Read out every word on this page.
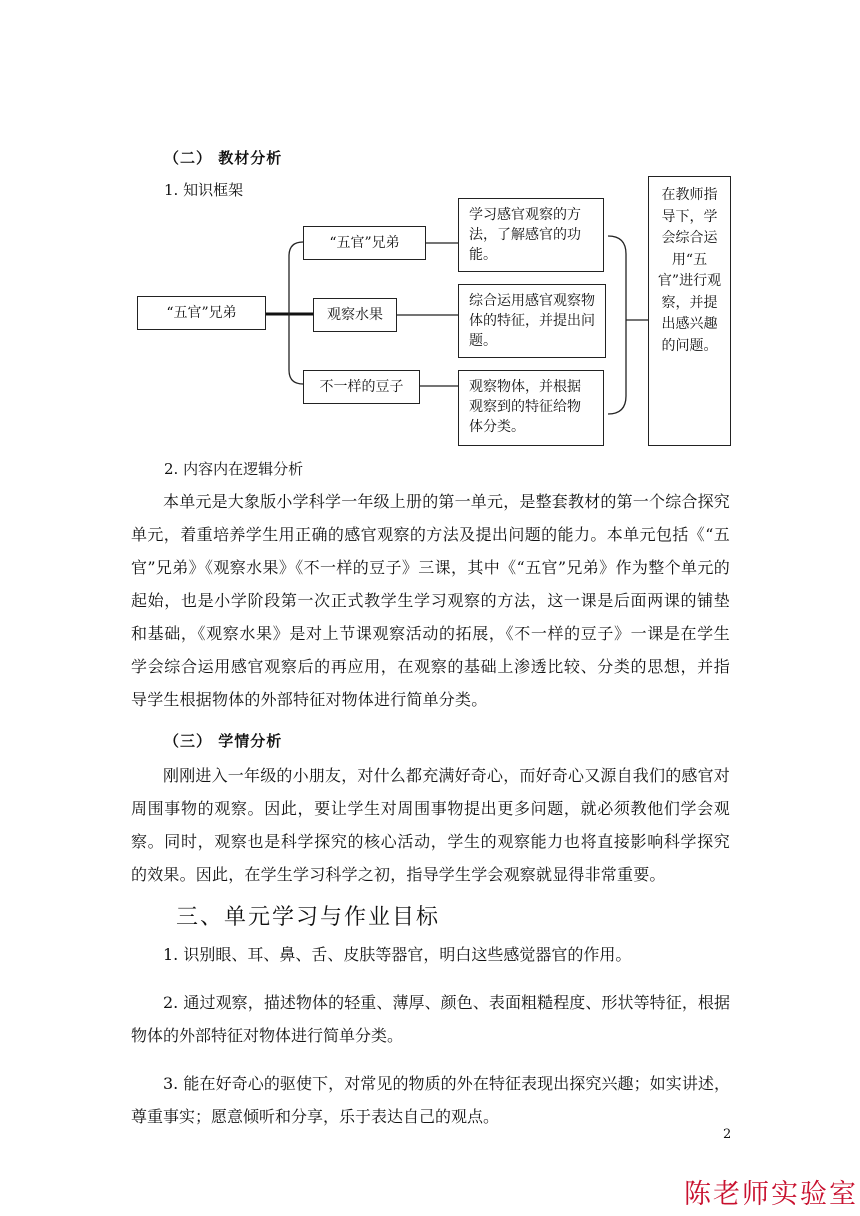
（二） 教材分析
1. 知识框架
“五官”兄弟
“五官”兄弟
观察水果
不一样的豆子
学习感官观察的方法，了解感官的功能。
综合运用感官观察物体的特征，并提出问题。
观察物体，并根据观察到的特征给物体分类。
在教师指导下，学会综合运用“五官”进行观察，并提出感兴趣的问题。
2. 内容内在逻辑分析
本单元是大象版小学科学一年级上册的第一单元，是整套教材的第一个综合探究单元，着重培养学生用正确的感官观察的方法及提出问题的能力。本单元包括《“五官”兄弟》《观察水果》《不一样的豆子》三课，其中《“五官”兄弟》作为整个单元的起始，也是小学阶段第一次正式教学生学习观察的方法，这一课是后面两课的铺垫和基础，《观察水果》是对上节课观察活动的拓展，《不一样的豆子》一课是在学生学会综合运用感官观察后的再应用，在观察的基础上渗透比较、分类的思想，并指导学生根据物体的外部特征对物体进行简单分类。
（三） 学情分析
刚刚进入一年级的小朋友，对什么都充满好奇心，而好奇心又源自我们的感官对周围事物的观察。因此，要让学生对周围事物提出更多问题，就必须教他们学会观察。同时，观察也是科学探究的核心活动，学生的观察能力也将直接影响科学探究的效果。因此，在学生学习科学之初，指导学生学会观察就显得非常重要。
三、单元学习与作业目标
1. 识别眼、耳、鼻、舌、皮肤等器官，明白这些感觉器官的作用。
2. 通过观察，描述物体的轻重、薄厚、颜色、表面粗糙程度、形状等特征，根据物体的外部特征对物体进行简单分类。
3. 能在好奇心的驱使下，对常见的物质的外在特征表现出探究兴趣；如实讲述，尊重事实；愿意倾听和分享，乐于表达自己的观点。
2
陈老师实验室
